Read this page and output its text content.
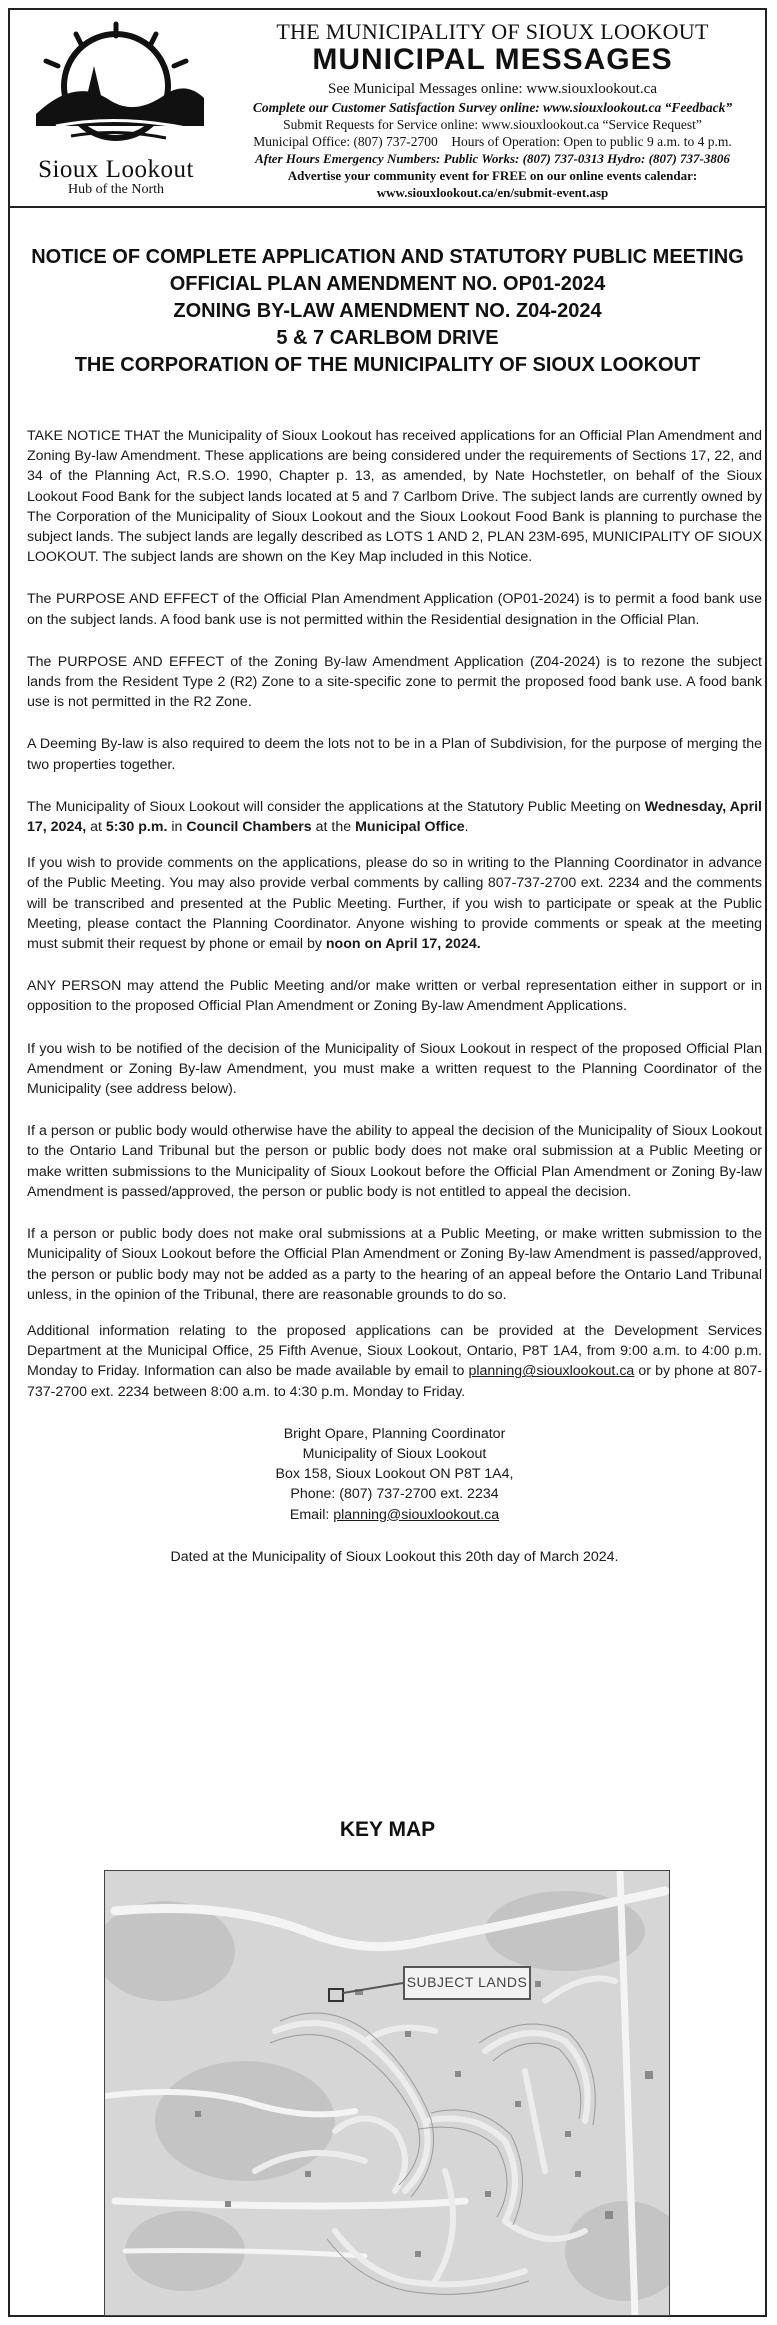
Sioux Lookout
Hub of the North
THE MUNICIPALITY OF SIOUX LOOKOUT
MUNICIPAL MESSAGES
See Municipal Messages online: www.siouxlookout.ca
Complete our Customer Satisfaction Survey online: www.siouxlookout.ca “Feedback”
Submit Requests for Service online: www.siouxlookout.ca “Service Request”
Municipal Office: (807) 737-2700 Hours of Operation: Open to public 9 a.m. to 4 p.m.
After Hours Emergency Numbers: Public Works: (807) 737-0313 Hydro: (807) 737-3806
Advertise your community event for FREE on our online events calendar:
www.siouxlookout.ca/en/submit-event.asp
NOTICE OF COMPLETE APPLICATION AND STATUTORY PUBLIC MEETING
OFFICIAL PLAN AMENDMENT NO. OP01-2024
ZONING BY-LAW AMENDMENT NO. Z04-2024
5 & 7 CARLBOM DRIVE
THE CORPORATION OF THE MUNICIPALITY OF SIOUX LOOKOUT

TAKE NOTICE THAT the Municipality of Sioux Lookout has received applications for an Official Plan Amendment and Zoning By-law Amendment. These applications are being considered under the requirements of Sections 17, 22, and 34 of the Planning Act, R.S.O. 1990, Chapter p. 13, as amended, by Nate Hochstetler, on behalf of the Sioux Lookout Food Bank for the subject lands located at 5 and 7 Carlbom Drive. The subject lands are currently owned by The Corporation of the Municipality of Sioux Lookout and the Sioux Lookout Food Bank is planning to purchase the subject lands. The subject lands are legally described as LOTS 1 AND 2, PLAN 23M-695, MUNICIPALITY OF SIOUX LOOKOUT. The subject lands are shown on the Key Map included in this Notice.

The PURPOSE AND EFFECT of the Official Plan Amendment Application (OP01-2024) is to permit a food bank use on the subject lands. A food bank use is not permitted within the Residential designation in the Official Plan.

The PURPOSE AND EFFECT of the Zoning By-law Amendment Application (Z04-2024) is to rezone the subject lands from the Resident Type 2 (R2) Zone to a site-specific zone to permit the proposed food bank use. A food bank use is not permitted in the R2 Zone.

A Deeming By-law is also required to deem the lots not to be in a Plan of Subdivision, for the purpose of merging the two properties together.

The Municipality of Sioux Lookout will consider the applications at the Statutory Public Meeting on Wednesday, April 17, 2024, at 5:30 p.m. in Council Chambers at the Municipal Office.

If you wish to provide comments on the applications, please do so in writing to the Planning Coordinator in advance of the Public Meeting. You may also provide verbal comments by calling 807-737-2700 ext. 2234 and the comments will be transcribed and presented at the Public Meeting. Further, if you wish to participate or speak at the Public Meeting, please contact the Planning Coordinator. Anyone wishing to provide comments or speak at the meeting must submit their request by phone or email by noon on April 17, 2024.

ANY PERSON may attend the Public Meeting and/or make written or verbal representation either in support or in opposition to the proposed Official Plan Amendment or Zoning By-law Amendment Applications.

If you wish to be notified of the decision of the Municipality of Sioux Lookout in respect of the proposed Official Plan Amendment or Zoning By-law Amendment, you must make a written request to the Planning Coordinator of the Municipality (see address below).

If a person or public body would otherwise have the ability to appeal the decision of the Municipality of Sioux Lookout to the Ontario Land Tribunal but the person or public body does not make oral submission at a Public Meeting or make written submissions to the Municipality of Sioux Lookout before the Official Plan Amendment or Zoning By-law Amendment is passed/approved, the person or public body is not entitled to appeal the decision.

If a person or public body does not make oral submissions at a Public Meeting, or make written submission to the Municipality of Sioux Lookout before the Official Plan Amendment or Zoning By-law Amendment is passed/approved, the person or public body may not be added as a party to the hearing of an appeal before the Ontario Land Tribunal unless, in the opinion of the Tribunal, there are reasonable grounds to do so.

Additional information relating to the proposed applications can be provided at the Development Services Department at the Municipal Office, 25 Fifth Avenue, Sioux Lookout, Ontario, P8T 1A4, from 9:00 a.m. to 4:00 p.m. Monday to Friday. Information can also be made available by email to planning@siouxlookout.ca or by phone at 807-737-2700 ext. 2234 between 8:00 a.m. to 4:30 p.m. Monday to Friday.

Bright Opare, Planning Coordinator
Municipality of Sioux Lookout
Box 158, Sioux Lookout ON P8T 1A4,
Phone: (807) 737-2700 ext. 2234
Email: planning@siouxlookout.ca
Dated at the Municipality of Sioux Lookout this 20th day of March 2024.
KEY MAP
SUBJECT LANDS
